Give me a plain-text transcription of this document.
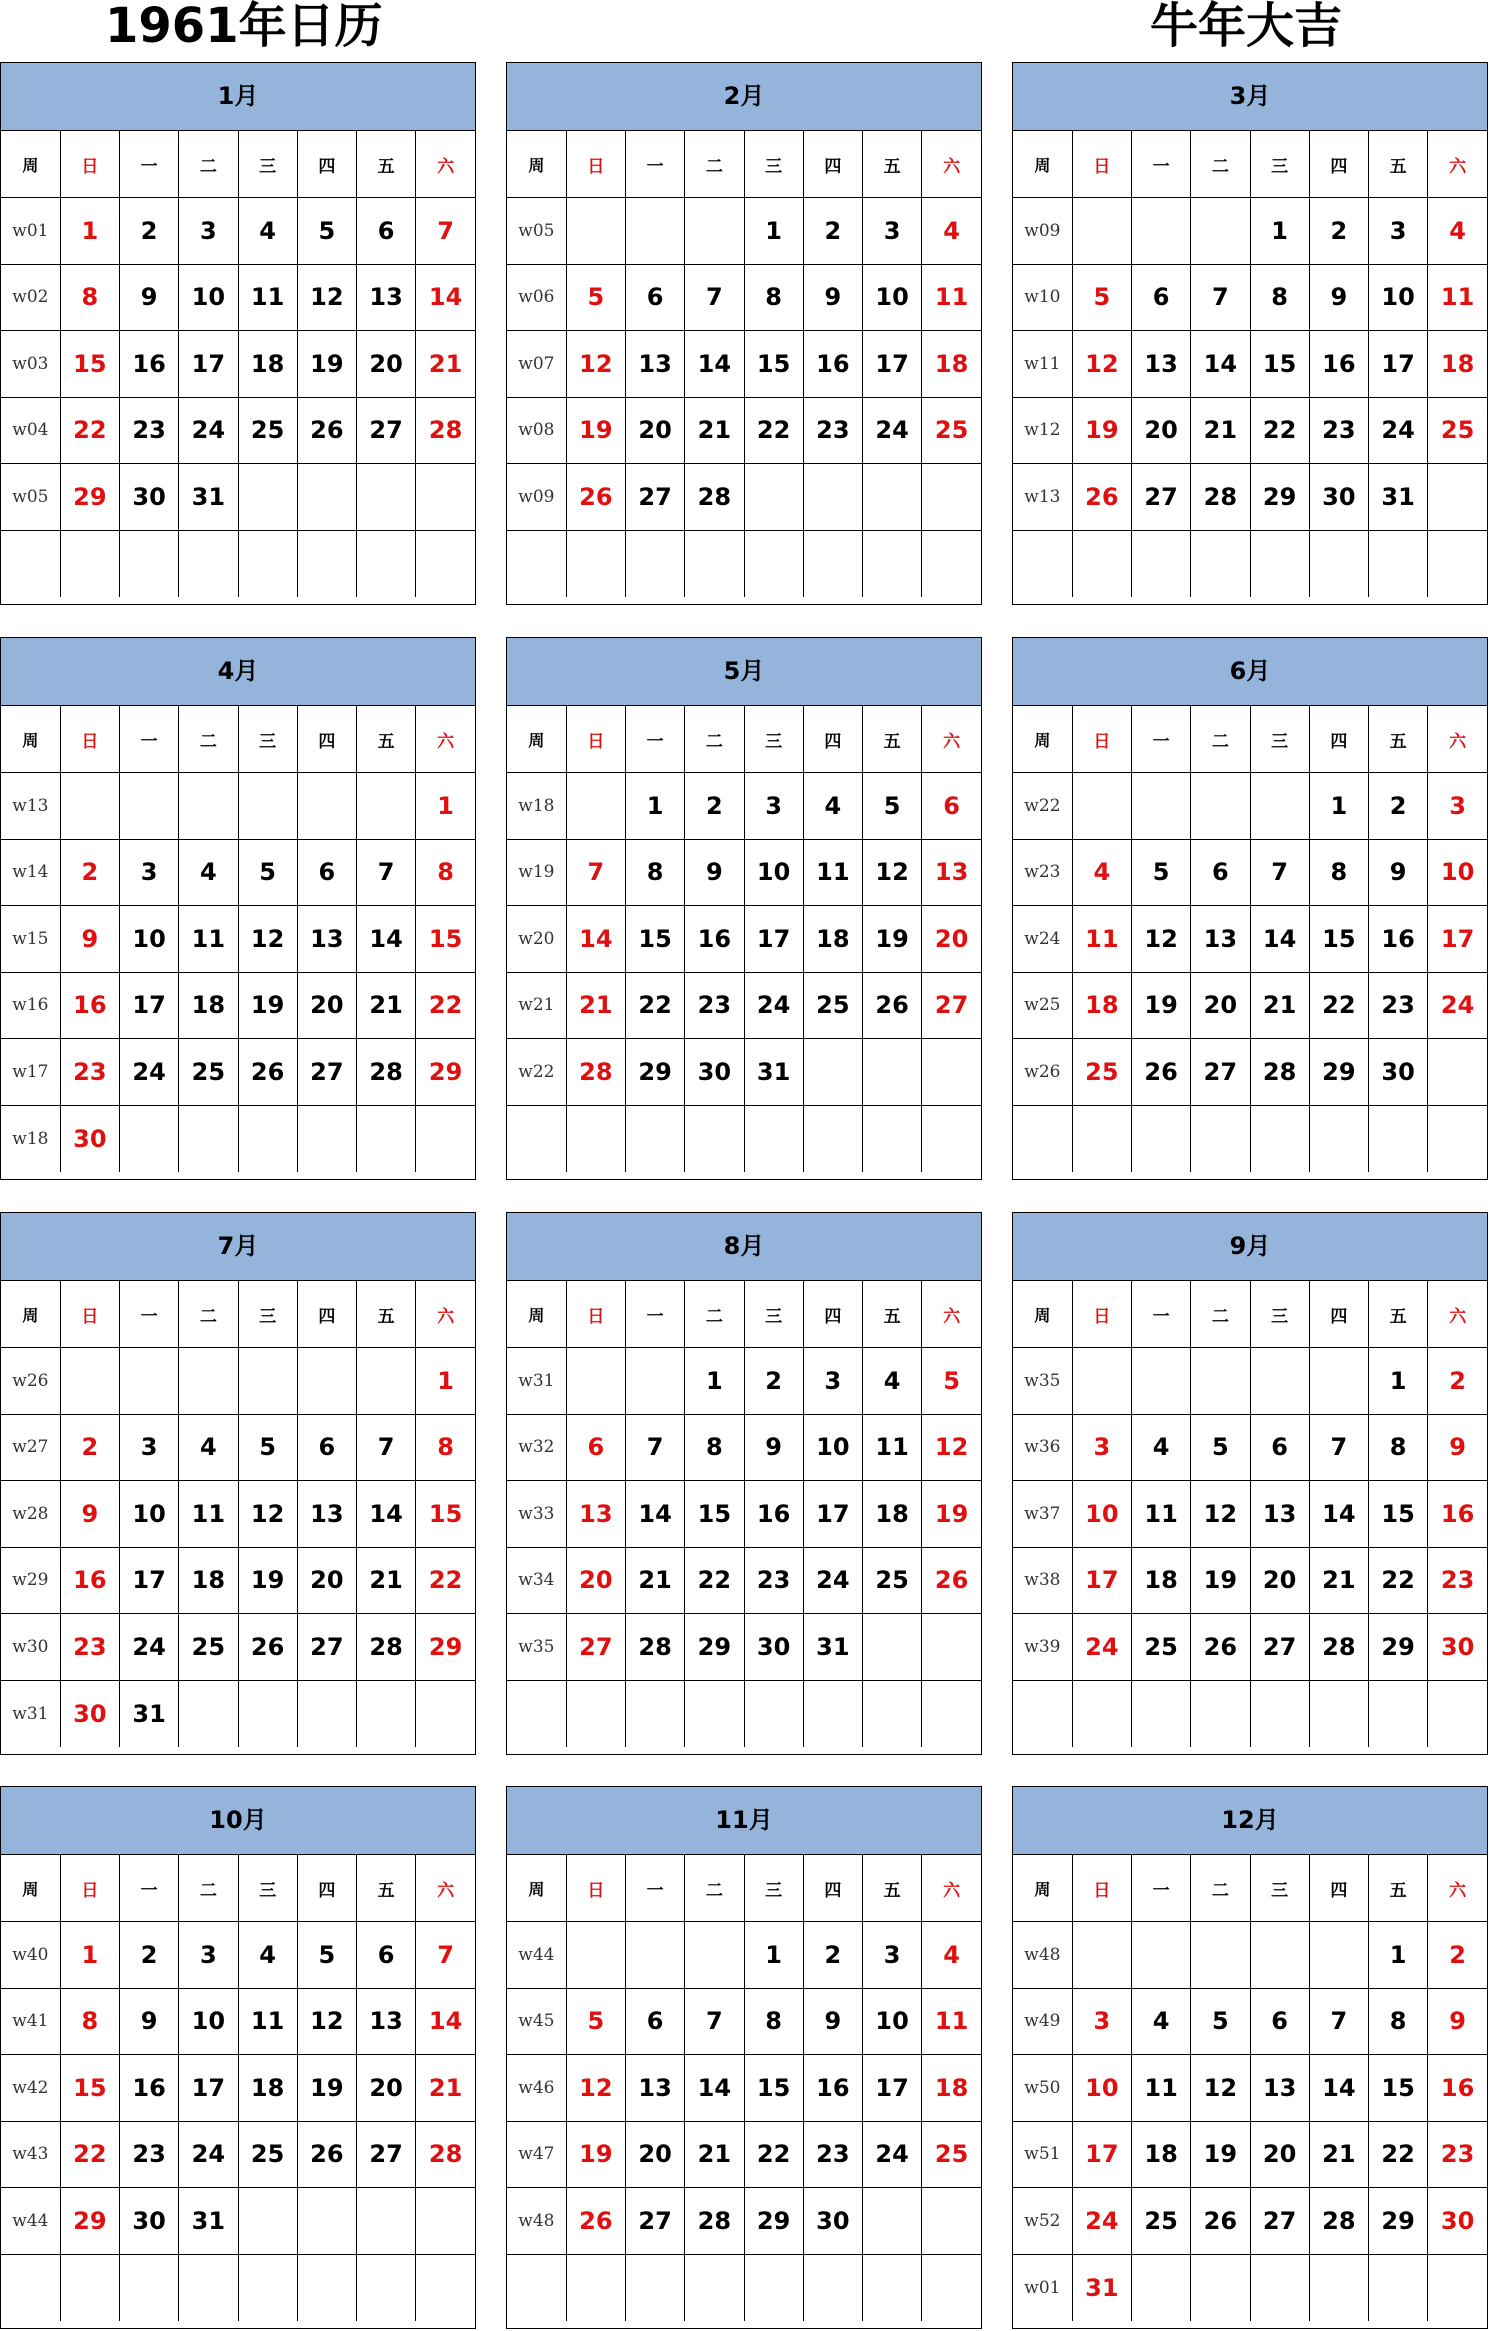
1961年日历	牛年大吉
1月
周	日	一	二	三	四	五	六
w01	1	2	3	4	5	6	7
w02	8	9	10	11	12	13	14
w03	15	16	17	18	19	20	21
w04	22	23	24	25	26	27	28
w05	29	30	31				

2月
周	日	一	二	三	四	五	六
w05				1	2	3	4
w06	5	6	7	8	9	10	11
w07	12	13	14	15	16	17	18
w08	19	20	21	22	23	24	25
w09	26	27	28				

3月
周	日	一	二	三	四	五	六
w09				1	2	3	4
w10	5	6	7	8	9	10	11
w11	12	13	14	15	16	17	18
w12	19	20	21	22	23	24	25
w13	26	27	28	29	30	31	

4月
周	日	一	二	三	四	五	六
w13							1
w14	2	3	4	5	6	7	8
w15	9	10	11	12	13	14	15
w16	16	17	18	19	20	21	22
w17	23	24	25	26	27	28	29
w18	30						
5月
周	日	一	二	三	四	五	六
w18		1	2	3	4	5	6
w19	7	8	9	10	11	12	13
w20	14	15	16	17	18	19	20
w21	21	22	23	24	25	26	27
w22	28	29	30	31			

6月
周	日	一	二	三	四	五	六
w22					1	2	3
w23	4	5	6	7	8	9	10
w24	11	12	13	14	15	16	17
w25	18	19	20	21	22	23	24
w26	25	26	27	28	29	30	

7月
周	日	一	二	三	四	五	六
w26							1
w27	2	3	4	5	6	7	8
w28	9	10	11	12	13	14	15
w29	16	17	18	19	20	21	22
w30	23	24	25	26	27	28	29
w31	30	31					
8月
周	日	一	二	三	四	五	六
w31			1	2	3	4	5
w32	6	7	8	9	10	11	12
w33	13	14	15	16	17	18	19
w34	20	21	22	23	24	25	26
w35	27	28	29	30	31		

9月
周	日	一	二	三	四	五	六
w35						1	2
w36	3	4	5	6	7	8	9
w37	10	11	12	13	14	15	16
w38	17	18	19	20	21	22	23
w39	24	25	26	27	28	29	30

10月
周	日	一	二	三	四	五	六
w40	1	2	3	4	5	6	7
w41	8	9	10	11	12	13	14
w42	15	16	17	18	19	20	21
w43	22	23	24	25	26	27	28
w44	29	30	31				

11月
周	日	一	二	三	四	五	六
w44				1	2	3	4
w45	5	6	7	8	9	10	11
w46	12	13	14	15	16	17	18
w47	19	20	21	22	23	24	25
w48	26	27	28	29	30		

12月
周	日	一	二	三	四	五	六
w48						1	2
w49	3	4	5	6	7	8	9
w50	10	11	12	13	14	15	16
w51	17	18	19	20	21	22	23
w52	24	25	26	27	28	29	30
w01	31						
